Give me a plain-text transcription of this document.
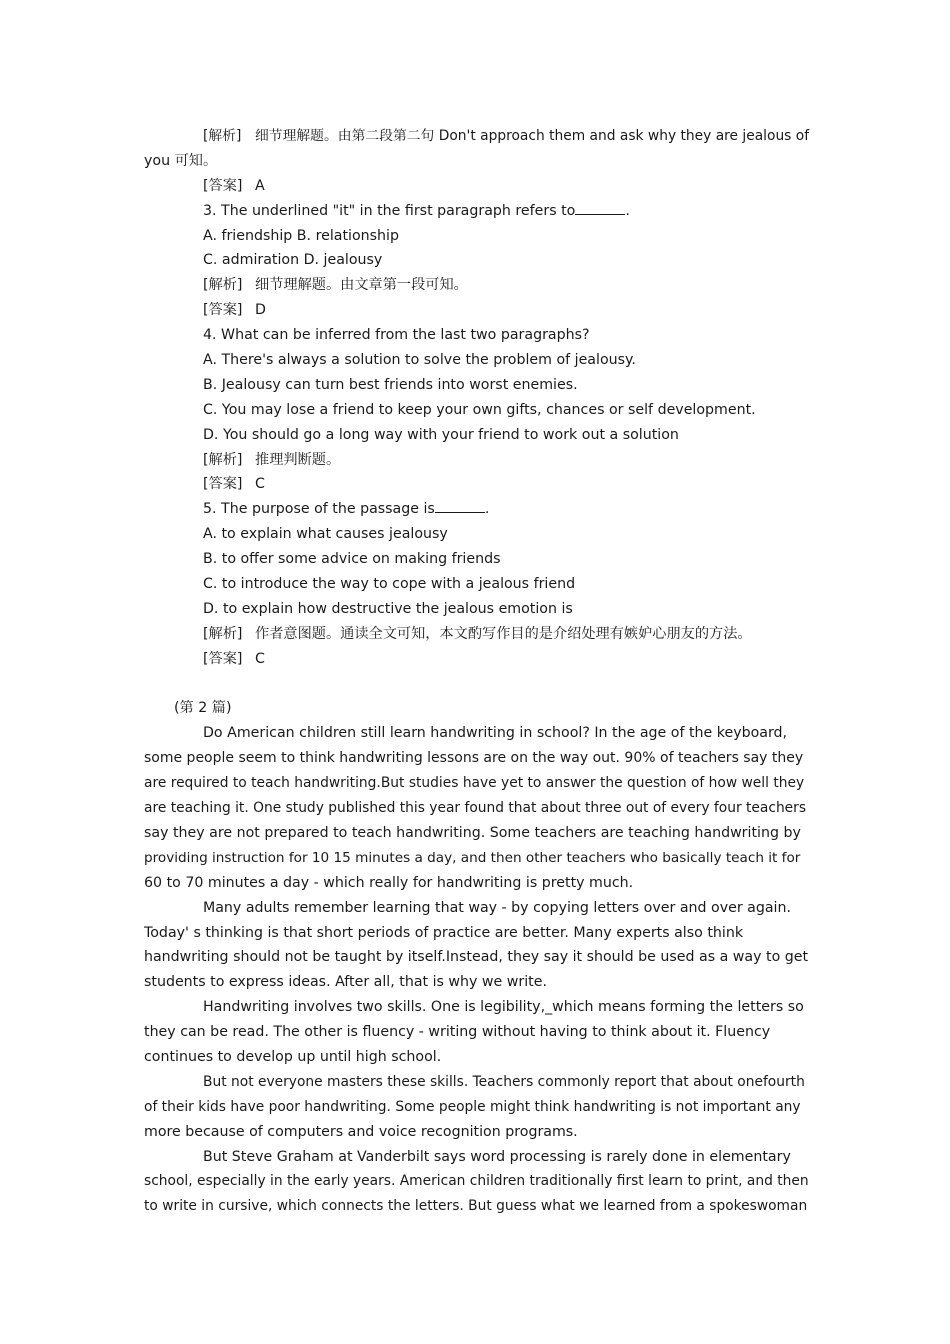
[解析] 细节理解题。由第二段第二句 Don't approach them and ask why they are jealous of
you 可知。
[答案] A
3. The underlined "it" in the first paragraph refers to	.
A. friendship B. relationship
C. admiration D. jealousy
[解析] 细节理解题。由文章第一段可知。
[答案] D
4. What can be inferred from the last two paragraphs?
A. There's always a solution to solve the problem of jealousy.
B. Jealousy can turn best friends into worst enemies.
C. You may lose a friend to keep your own gifts, chances or self development.
D. You should go a long way with your friend to work out a solution
[解析] 推理判断题。
[答案] C
5. The purpose of the passage is	.
A. to explain what causes jealousy
B. to offer some advice on making friends
C. to introduce the way to cope with a jealous friend
D. to explain how destructive the jealous emotion is
[解析] 作者意图题。通读全文可知，本文酌写作目的是介绍处理有嫉妒心朋友的方法。
[答案] C
(第 2 篇)
Do American children still learn handwriting in school? In the age of the keyboard,
some people seem to think handwriting lessons are on the way out. 90% of teachers say they
are required to teach handwriting.But studies have yet to answer the question of how well they
are teaching it. One study published this year found that about three out of every four teachers
say they are not prepared to teach handwriting. Some teachers are teaching handwriting by
providing instruction for 10 15 minutes a day, and then other teachers who basically teach it for
60 to 70 minutes a day - which really for handwriting is pretty much.
Many adults remember learning that way - by copying letters over and over again.
Today' s thinking is that short periods of practice are better. Many experts also think
handwriting should not be taught by itself.Instead, they say it should be used as a way to get
students to express ideas. After all, that is why we write.
Handwriting involves two skills. One is legibility,_which means forming the letters so
they can be read. The other is fluency - writing without having to think about it. Fluency
continues to develop up until high school.
But not everyone masters these skills. Teachers commonly report that about onefourth
of their kids have poor handwriting. Some people might think handwriting is not important any
more because of computers and voice recognition programs.
But Steve Graham at Vanderbilt says word processing is rarely done in elementary
school, especially in the early years. American children traditionally first learn to print, and then
to write in cursive, which connects the letters. But guess what we learned from a spokeswoman
